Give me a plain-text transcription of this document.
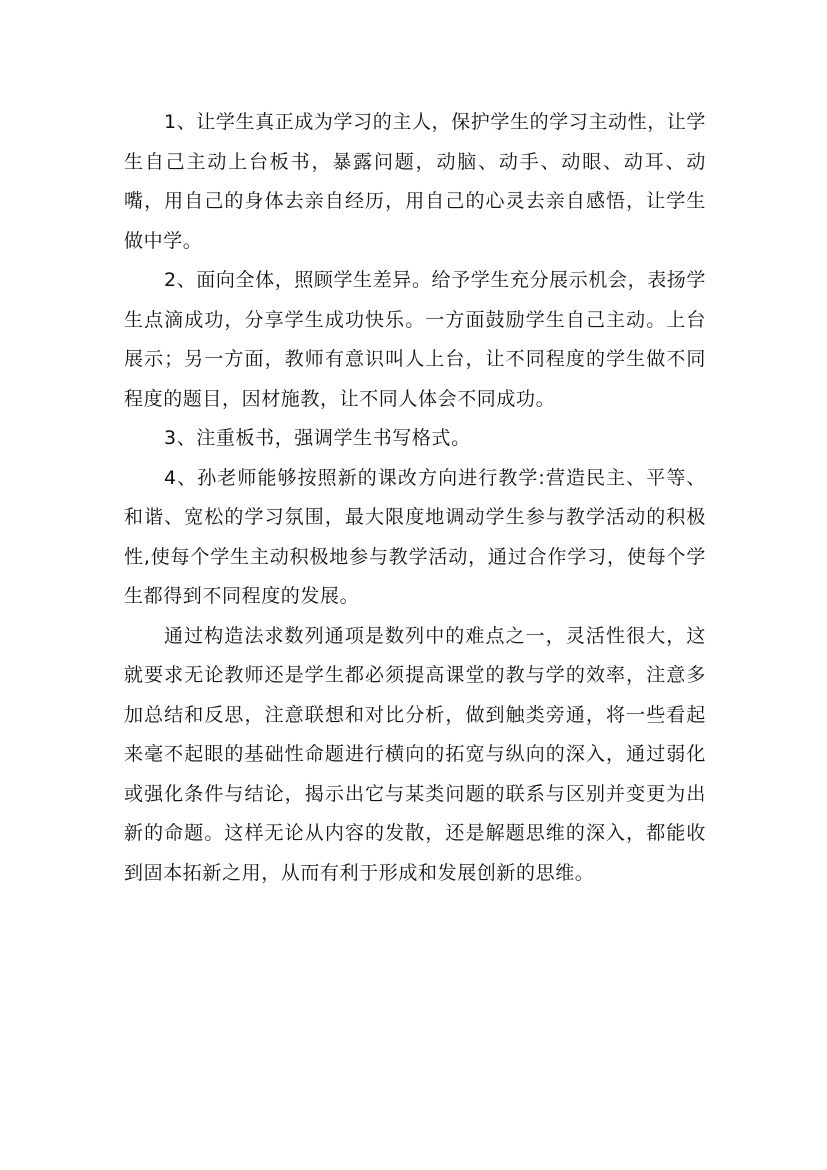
1、让学生真正成为学习的主人，保护学生的学习主动性，让学生自己主动上台板书，暴露问题，动脑、动手、动眼、动耳、动嘴，用自己的身体去亲自经历，用自己的心灵去亲自感悟，让学生做中学。

2、面向全体，照顾学生差异。给予学生充分展示机会，表扬学生点滴成功，分享学生成功快乐。一方面鼓励学生自己主动。上台展示；另一方面，教师有意识叫人上台，让不同程度的学生做不同程度的题目，因材施教，让不同人体会不同成功。

3、注重板书，强调学生书写格式。

4、孙老师能够按照新的课改方向进行教学:营造民主、平等、和谐、宽松的学习氛围，最大限度地调动学生参与教学活动的积极性,使每个学生主动积极地参与教学活动，通过合作学习，使每个学生都得到不同程度的发展。

通过构造法求数列通项是数列中的难点之一，灵活性很大，这就要求无论教师还是学生都必须提高课堂的教与学的效率，注意多加总结和反思，注意联想和对比分析，做到触类旁通，将一些看起来毫不起眼的基础性命题进行横向的拓宽与纵向的深入，通过弱化或强化条件与结论，揭示出它与某类问题的联系与区别并变更为出新的命题。这样无论从内容的发散，还是解题思维的深入，都能收到固本拓新之用，从而有利于形成和发展创新的思维。
